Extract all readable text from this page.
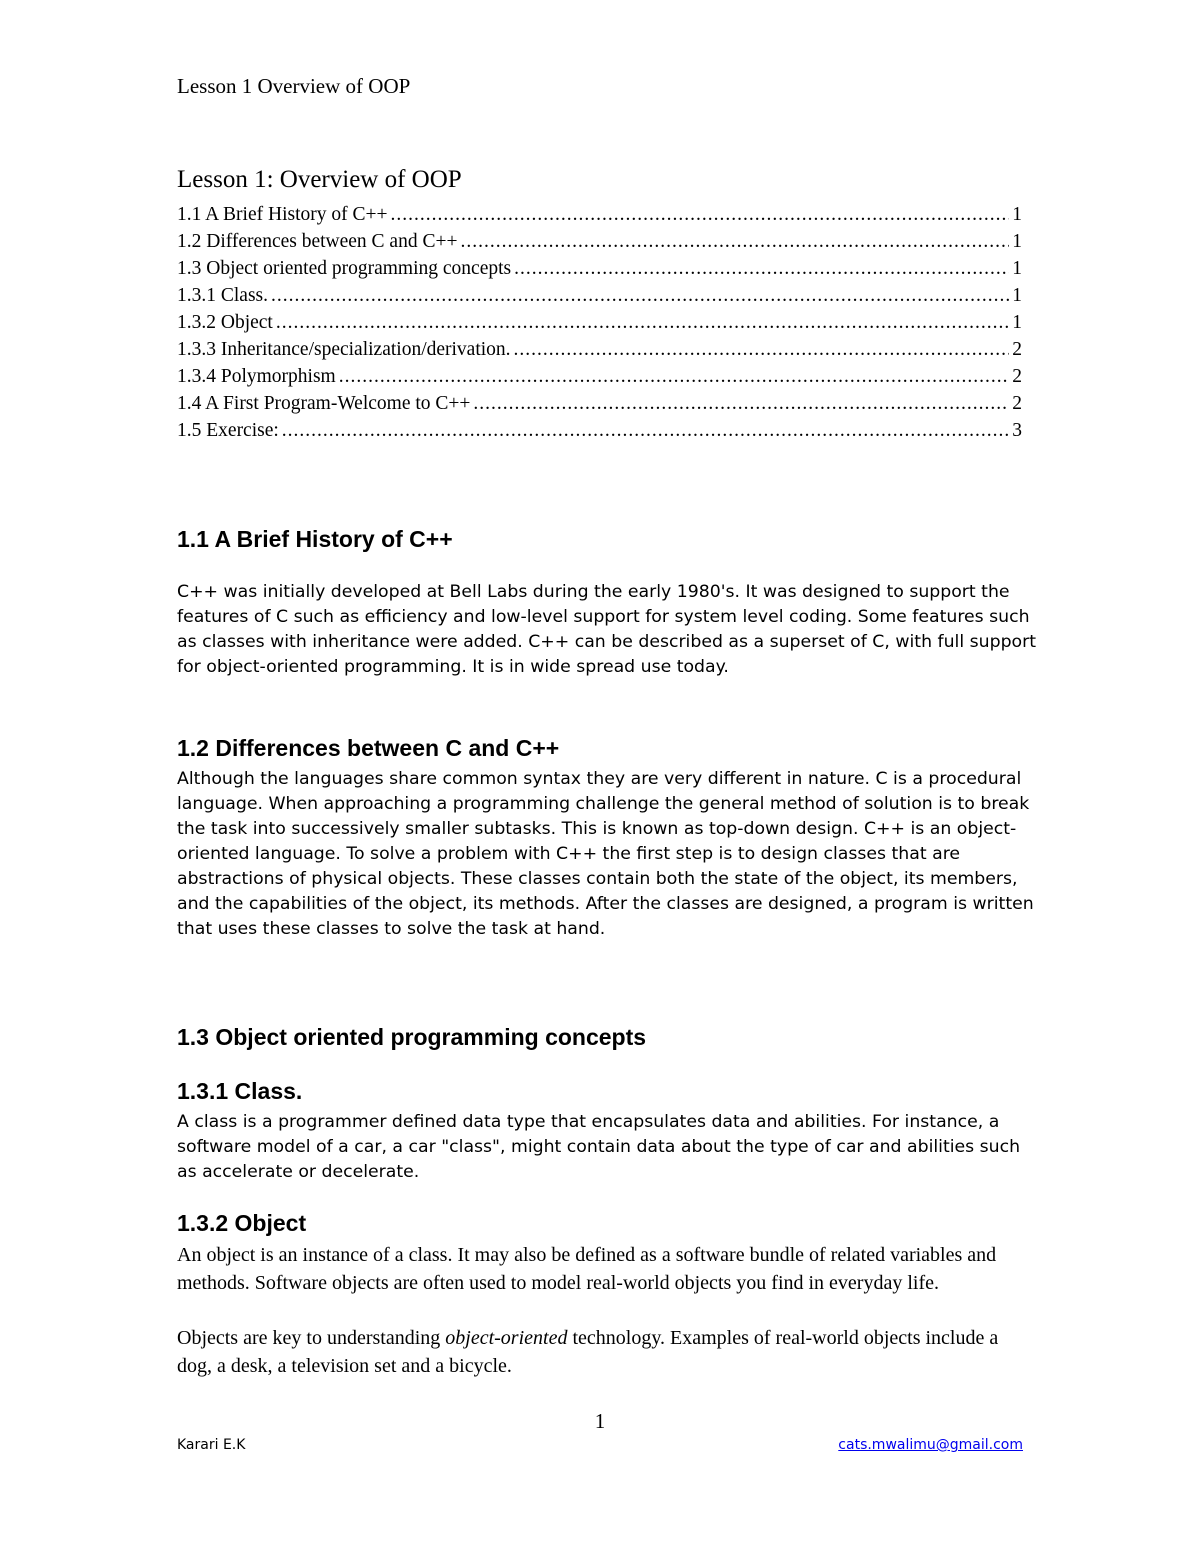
Lesson 1 Overview of OOP
Lesson 1: Overview of OOP
1.1 A Brief History of C++ .....	1
1.2 Differences between C and C++ .....	1
1.3 Object oriented programming concepts .....	1
1.3.1 Class. .....	1
1.3.2 Object .....	1
1.3.3 Inheritance/specialization/derivation. .....	2
1.3.4 Polymorphism .....	2
1.4 A First Program-Welcome to C++ .....	2
1.5 Exercise: .....	3
1.1 A Brief History of C++

C++ was initially developed at Bell Labs during the early 1980's. It was designed to support the features of C such as efficiency and low-level support for system level coding. Some features such as classes with inheritance were added. C++ can be described as a superset of C, with full support for object-oriented programming. It is in wide spread use today.

1.2 Differences between C and C++

Although the languages share common syntax they are very different in nature. C is a procedural language. When approaching a programming challenge the general method of solution is to break the task into successively smaller subtasks. This is known as top-down design. C++ is an object-oriented language. To solve a problem with C++ the first step is to design classes that are abstractions of physical objects. These classes contain both the state of the object, its members, and the capabilities of the object, its methods. After the classes are designed, a program is written that uses these classes to solve the task at hand.

1.3 Object oriented programming concepts
1.3.1 Class.

A class is a programmer defined data type that encapsulates data and abilities. For instance, a software model of a car, a car "class", might contain data about the type of car and abilities such as accelerate or decelerate.

1.3.2 Object

An object is an instance of a class. It may also be defined as a software bundle of related variables and methods. Software objects are often used to model real-world objects you find in everyday life.

Objects are key to understanding object-oriented technology. Examples of real-world objects include a dog, a desk, a television set and a bicycle.

1
Karari E.K	cats.mwalimu@gmail.com
